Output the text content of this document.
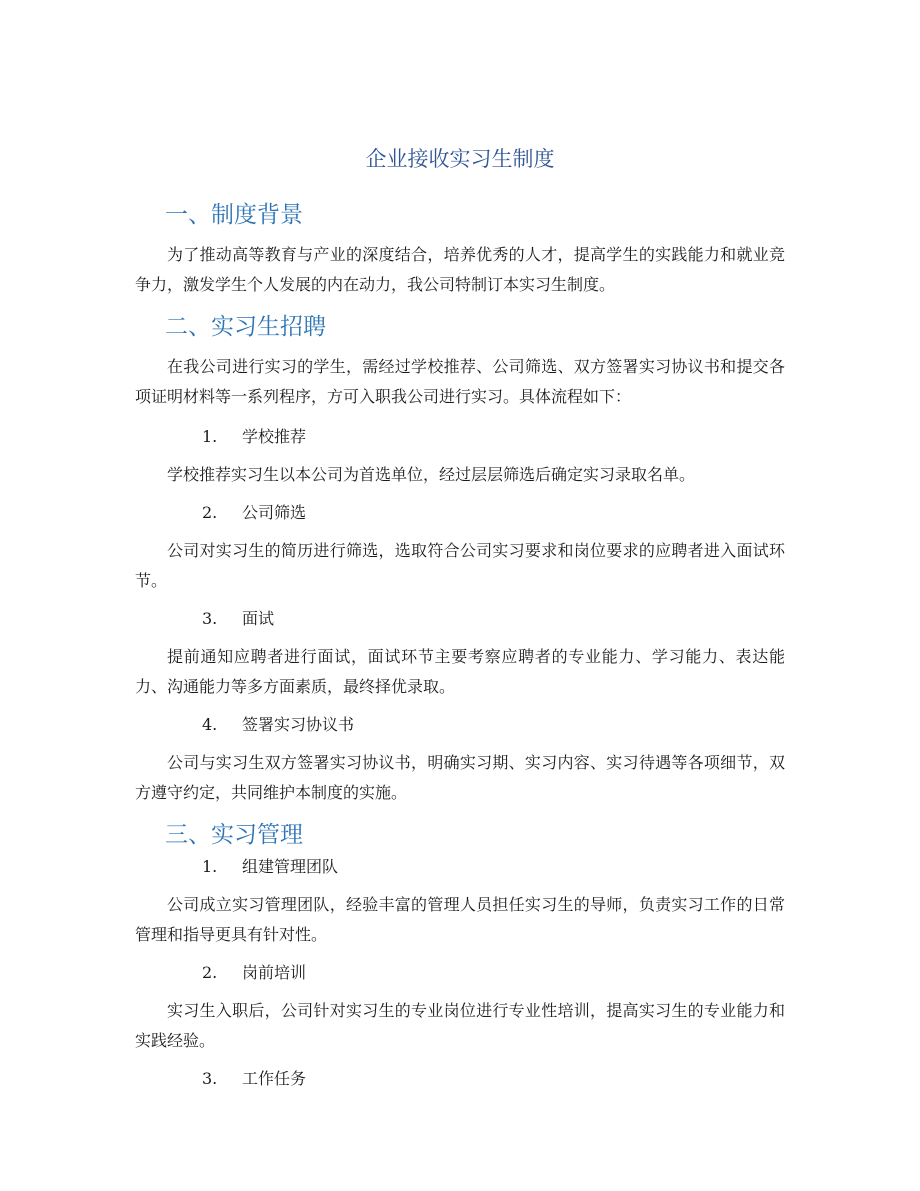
企业接收实习生制度
一、制度背景

为了推动高等教育与产业的深度结合，培养优秀的人才，提高学生的实践能力和就业竞争力，激发学生个人发展的内在动力，我公司特制订本实习生制度。

二、实习生招聘

在我公司进行实习的学生，需经过学校推荐、公司筛选、双方签署实习协议书和提交各项证明材料等一系列程序，方可入职我公司进行实习。具体流程如下：

1. 学校推荐

学校推荐实习生以本公司为首选单位，经过层层筛选后确定实习录取名单。

2. 公司筛选

公司对实习生的简历进行筛选，选取符合公司实习要求和岗位要求的应聘者进入面试环节。

3. 面试

提前通知应聘者进行面试，面试环节主要考察应聘者的专业能力、学习能力、表达能力、沟通能力等多方面素质，最终择优录取。

4. 签署实习协议书

公司与实习生双方签署实习协议书，明确实习期、实习内容、实习待遇等各项细节，双方遵守约定，共同维护本制度的实施。

三、实习管理

1. 组建管理团队

公司成立实习管理团队，经验丰富的管理人员担任实习生的导师，负责实习工作的日常管理和指导更具有针对性。

2. 岗前培训

实习生入职后，公司针对实习生的专业岗位进行专业性培训，提高实习生的专业能力和实践经验。

3. 工作任务
